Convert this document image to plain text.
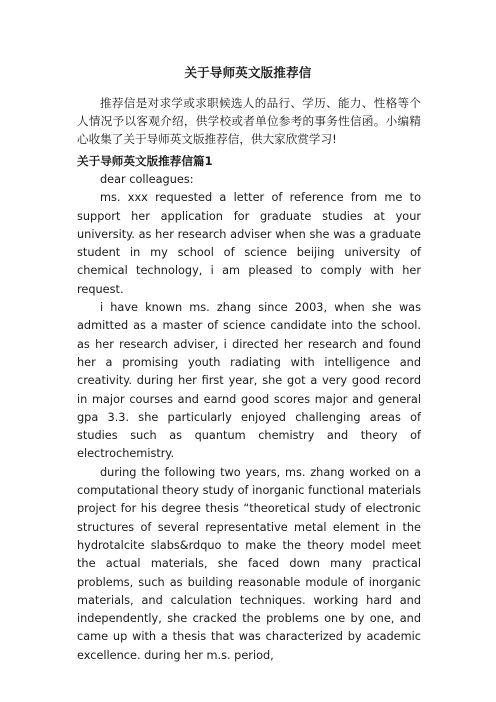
关于导师英文版推荐信
推荐信是对求学或求职候选人的品行、学历、能力、性格等个人情况予以客观介绍，供学校或者单位参考的事务性信函。小编精心收集了关于导师英文版推荐信，供大家欣赏学习!
关于导师英文版推荐信篇1

dear colleagues:

ms. xxx requested a letter of reference from me to support her application for graduate studies at your university. as her research adviser when she was a graduate student in my school of science beijing university of chemical technology, i am pleased to comply with her request.

i have known ms. zhang since 2003, when she was admitted as a master of science candidate into the school. as her research adviser, i directed her research and found her a promising youth radiating with intelligence and creativity. during her first year, she got a very good record in major courses and earnd good scores major and general gpa 3.3. she particularly enjoyed challenging areas of studies such as quantum chemistry and theory of electrochemistry.

during the following two years, ms. zhang worked on a computational theory study of inorganic functional materials project for his degree thesis “theoretical study of electronic structures of several representative metal element in the hydrotalcite slabs&rdquo to make the theory model meet the actual materials, she faced down many practical problems, such as building reasonable module of inorganic materials, and calculation techniques. working hard and independently, she cracked the problems one by one, and came up with a thesis that was characterized by academic excellence. during her m.s. period,
